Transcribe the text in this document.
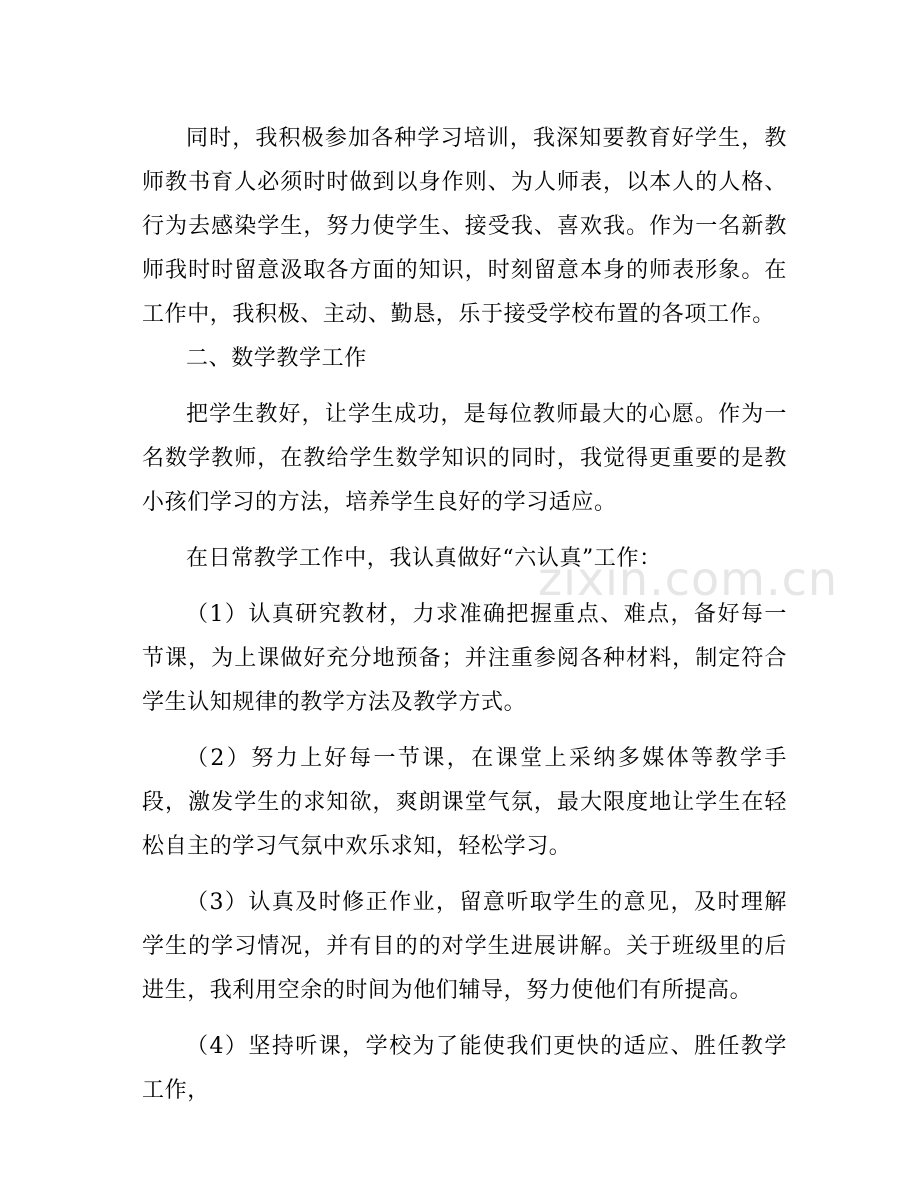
zixin.com.cn

同时，我积极参加各种学习培训，我深知要教育好学生，教师教书育人必须时时做到以身作则、为人师表，以本人的人格、行为去感染学生，努力使学生、接受我、喜欢我。作为一名新教师我时时留意汲取各方面的知识，时刻留意本身的师表形象。在工作中，我积极、主动、勤恳，乐于接受学校布置的各项工作。

二、数学教学工作

把学生教好，让学生成功，是每位教师最大的心愿。作为一名数学教师，在教给学生数学知识的同时，我觉得更重要的是教小孩们学习的方法，培养学生良好的学习适应。

在日常教学工作中，我认真做好“六认真”工作：

（1）认真研究教材，力求准确把握重点、难点，备好每一节课，为上课做好充分地预备；并注重参阅各种材料，制定符合学生认知规律的教学方法及教学方式。

（2）努力上好每一节课，在课堂上采纳多媒体等教学手段，激发学生的求知欲，爽朗课堂气氛，最大限度地让学生在轻松自主的学习气氛中欢乐求知，轻松学习。

（3）认真及时修正作业，留意听取学生的意见，及时理解学生的学习情况，并有目的的对学生进展讲解。关于班级里的后进生，我利用空余的时间为他们辅导，努力使他们有所提高。

（4）坚持听课，学校为了能使我们更快的适应、胜任教学工作，
